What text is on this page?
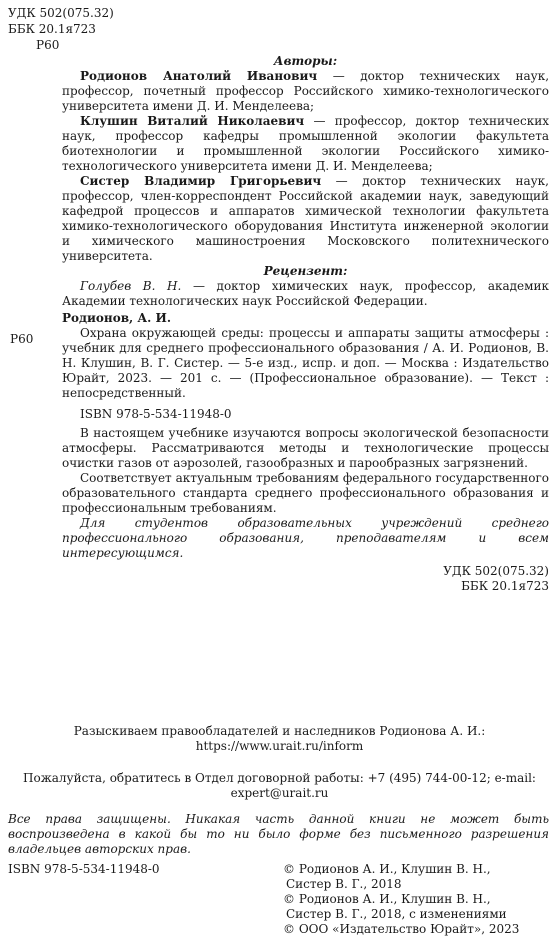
УДК 502(075.32)
ББК 20.1я723
Р60
Авторы:

Родионов Анатолий Иванович — доктор технических наук, профессор, почетный профессор Российского химико-технологического университета имени Д. И. Менделеева;

Клушин Виталий Николаевич — профессор, доктор технических наук, профессор кафедры промышленной экологии факультета биотехнологии и промышленной экологии Российского химико-технологического университета имени Д. И. Менделеева;

Систер Владимир Григорьевич — доктор технических наук, профессор, член-корреспондент Российской академии наук, заведующий кафедрой процессов и аппаратов химической технологии факультета химико-технологического оборудования Института инженерной экологии и химического машиностроения Московского политехнического университета.

Рецензент:

Голубев В. Н. — доктор химических наук, профессор, академик Академии технологических наук Российской Федерации.

Р60
Родионов, А. И.

Охрана окружающей среды: процессы и аппараты защиты атмосферы : учебник для среднего профессионального образования / А. И. Родионов, В. Н. Клушин, В. Г. Систер. — 5-е изд., испр. и доп. — Москва : Издательство Юрайт, 2023. — 201 с. — (Профессиональное образование). — Текст : непосредственный.

ISBN 978-5-534-11948-0

В настоящем учебнике изучаются вопросы экологической безопасности атмосферы. Рассматриваются методы и технологические процессы очистки газов от аэрозолей, газообразных и парообразных загрязнений.

Соответствует актуальным требованиям федерального государственного образовательного стандарта среднего профессионального образования и профессиональным требованиям.

Для студентов образовательных учреждений среднего профессионального образования, преподавателям и всем интересующимся.

УДК 502(075.32)
ББК 20.1я723
Разыскиваем правообладателей и наследников Родионова А. И.:
https://www.urait.ru/inform
Пожалуйста, обратитесь в Отдел договорной работы: +7 (495) 744-00-12; e-mail:
expert@urait.ru

Все права защищены. Никакая часть данной книги не может быть воспроизведена в какой бы то ни было форме без письменного разрешения владельцев авторских прав.

ISBN 978-5-534-11948-0	© Родионов А. И., Клушин В. Н.,
Систер В. Г., 2018
© Родионов А. И., Клушин В. Н.,
Систер В. Г., 2018, с изменениями
© ООО «Издательство Юрайт», 2023
